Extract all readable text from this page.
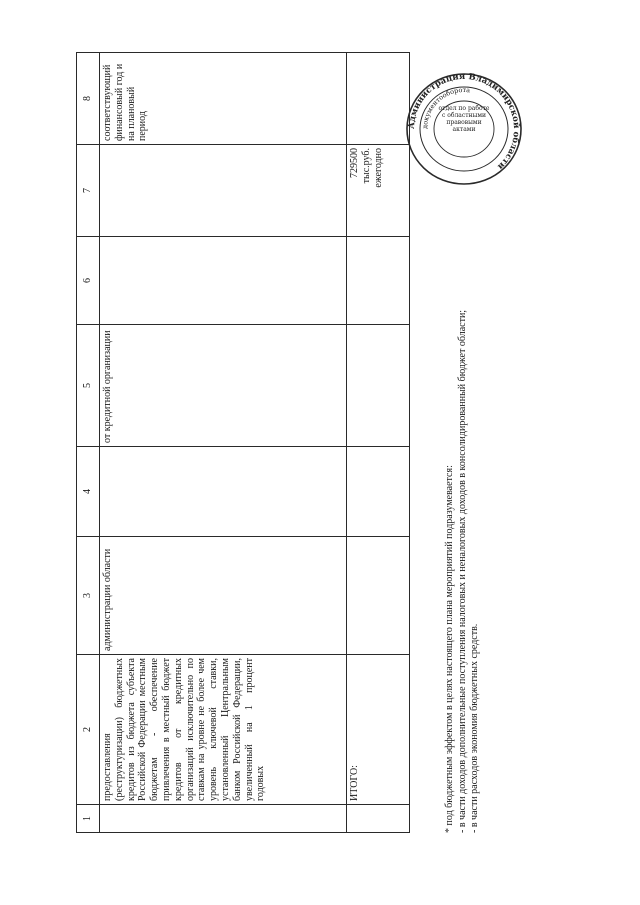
1	2	3	4	5	6	7	8
	предоставления (реструктуризации) бюджетных кредитов из бюджета субъекта Российской Федерации местным бюджетам - обеспечение привлечения в местный бюджет кредитов от кредитных организаций исключительно по ставкам на уровне не более чем уровень ключевой ставки, установленный Центральным банком Российской Федерации, увеличенный на 1 процент годовых	администрации области		от кредитной организации			соответствующий финансовый год и на плановый период
	ИТОГО:					729500 тыс.руб. ежегодно	

* под бюджетным эффектом в целях настоящего плана мероприятий подразумевается: - в части доходов дополнительные поступления налоговых и неналоговых доходов в консолидированный бюджет области; - в части расходов экономия бюджетных средств.
Администрация Владимирской области
документооборота
отдел по работе с областными правовыми актами
